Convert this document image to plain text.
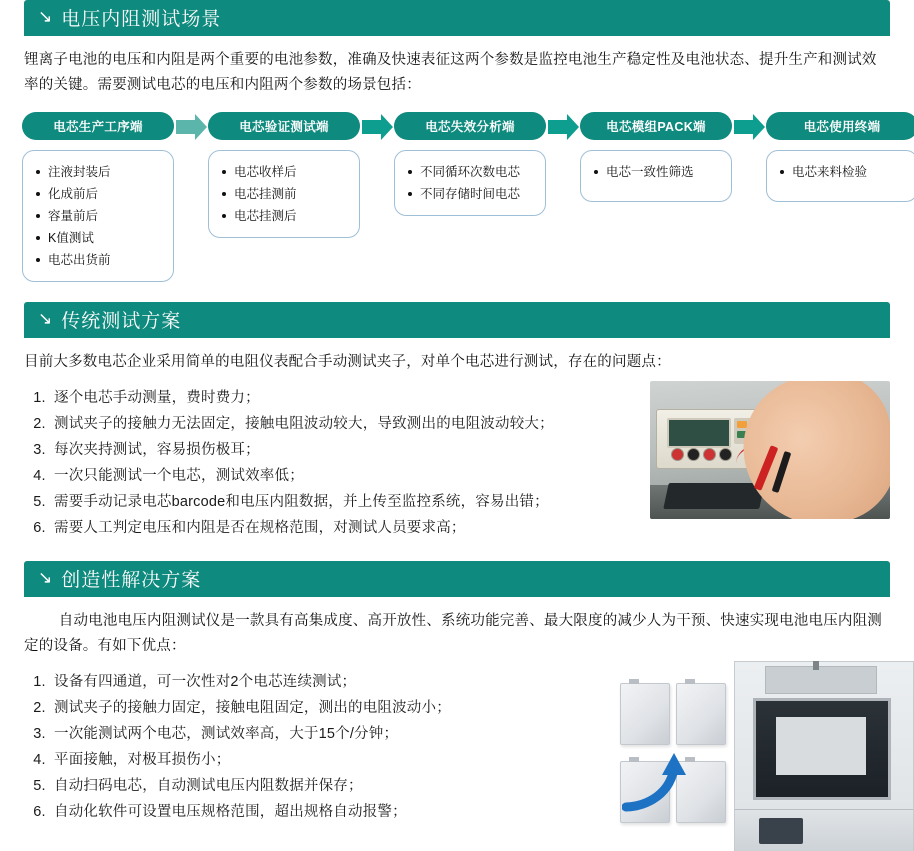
↘ 电压内阻测试场景

锂离子电池的电压和内阻是两个重要的电池参数，准确及快速表征这两个参数是监控电池生产稳定性及电池状态、提升生产和测试效率的关键。需要测试电芯的电压和内阻两个参数的场景包括：

电芯生产工序端
注液封装后
化成前后
容量前后
K值测试
电芯出货前
电芯验证测试端
电芯收样后
电芯挂测前
电芯挂测后
电芯失效分析端
不同循环次数电芯
不同存储时间电芯
电芯模组PACK端
电芯一致性筛选
电芯使用终端
电芯来料检验
↘ 传统测试方案

目前大多数电芯企业采用简单的电阻仪表配合手动测试夹子，对单个电芯进行测试，存在的问题点：

1. 逐个电芯手动测量，费时费力；
2. 测试夹子的接触力无法固定，接触电阻波动较大，导致测出的电阻波动较大；
3. 每次夹持测试，容易损伤极耳；
4. 一次只能测试一个电芯，测试效率低；
5. 需要手动记录电芯barcode和电压内阻数据，并上传至监控系统，容易出错；
6. 需要人工判定电压和内阻是否在规格范围，对测试人员要求高；
↘ 创造性解决方案

自动电池电压内阻测试仪是一款具有高集成度、高开放性、系统功能完善、最大限度的减少人为干预、快速实现电池电压内阻测定的设备。有如下优点：

1. 设备有四通道，可一次性对2个电芯连续测试；
2. 测试夹子的接触力固定，接触电阻固定，测出的电阻波动小；
3. 一次能测试两个电芯，测试效率高，大于15个/分钟；
4. 平面接触，对极耳损伤小；
5. 自动扫码电芯，自动测试电压内阻数据并保存；
6. 自动化软件可设置电压规格范围，超出规格自动报警；
